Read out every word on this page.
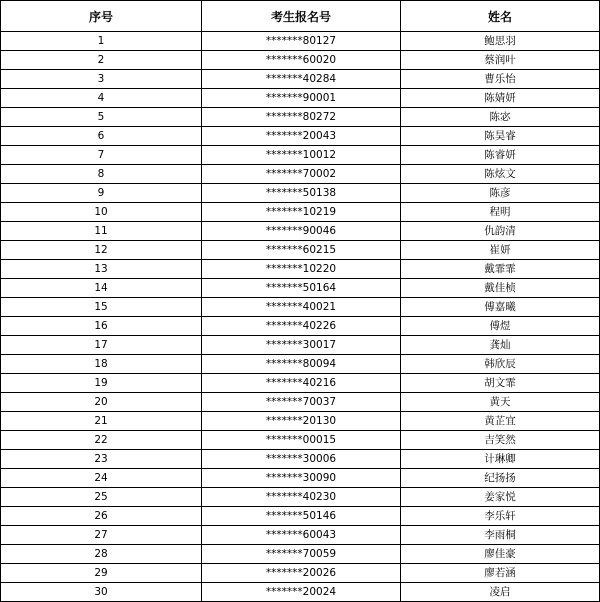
序号	考生报名号	姓名
1	*******80127	鲍思羽
2	*******60020	蔡润叶
3	*******40284	曹乐怡
4	*******90001	陈婧妍
5	*******80272	陈宓
6	*******20043	陈昊睿
7	*******10012	陈睿妍
8	*******70002	陈炫文
9	*******50138	陈彦
10	*******10219	程明
11	*******90046	仇韵清
12	*******60215	崔妍
13	*******10220	戴霏霏
14	*******50164	戴佳桢
15	*******40021	傅嘉曦
16	*******40226	傅煜
17	*******30017	龚灿
18	*******80094	韩欣辰
19	*******40216	胡文霏
20	*******70037	黄天
21	*******20130	黄芷宜
22	*******00015	吉笑然
23	*******30006	计琳卿
24	*******30090	纪扬扬
25	*******40230	姜家悦
26	*******50146	李乐轩
27	*******60043	李雨桐
28	*******70059	廖佳豪
29	*******20026	廖若涵
30	*******20024	凌启
